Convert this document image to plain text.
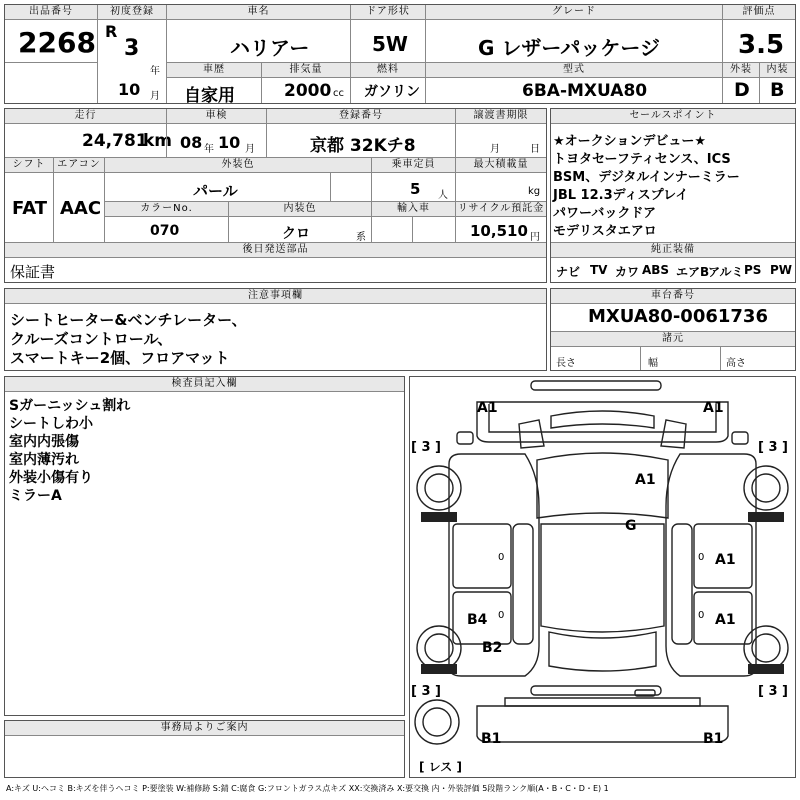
出品番号
2268
初度登録
R
3
年
10 月
車名
ハリアー
ドア形状
5W
グレード
G レザーパッケージ
評価点
3.5
車歴
自家用
排気量
2000 cc
燃料
ガソリン
型式
6BA-MXUA80
外装	内装
D B
走行
24,781
km
車検
08 年 10 月
登録番号
京都 32Kチ8
譲渡書期限
月	日
シフト
FAT
エアコン
AAC
外装色
パール
乗車定員
5 人
最大積載量
kg
カラーNo.
070
内装色
クロ	系
輸入車	リサイクル預託金
10,510 円
後日発送部品
保証書
セールスポイント
★オークションデビュー★
トヨタセーフティセンス、ICS
BSM、デジタルインナーミラー
JBL 12.3ディスプレイ
パワーバックドア
モデリスタエアロ
純正装備
ナビ TV カワ ABS エアB
アルミ PS PW
注意事項欄
シートヒーター&ベンチレーター、
クルーズコントロール、
スマートキー2個、フロアマット
車台番号
MXUA80-0061736
諸元
長さ	幅	高さ
検査員記入欄
Sガーニッシュ割れ
シートしわ小
室内内張傷
室内薄汚れ
外装小傷有り
ミラーA
事務局よりご案内
A1	A1
A1
G
0	0 A1
B4 0	0 A1
B2
B1	B1
[ 3 ]	[ 3 ]
[ 3 ]	[ 3 ]
[ レス ]
A:キズ U:ヘコミ B:キズを伴うヘコミ P:要塗装 W:補修跡 S:錆 C:腐食 G:フロントガラス点キズ XX:交換済み X:要交換 内・外装評価 5段階ランク順(A・B・C・D・E) 1
